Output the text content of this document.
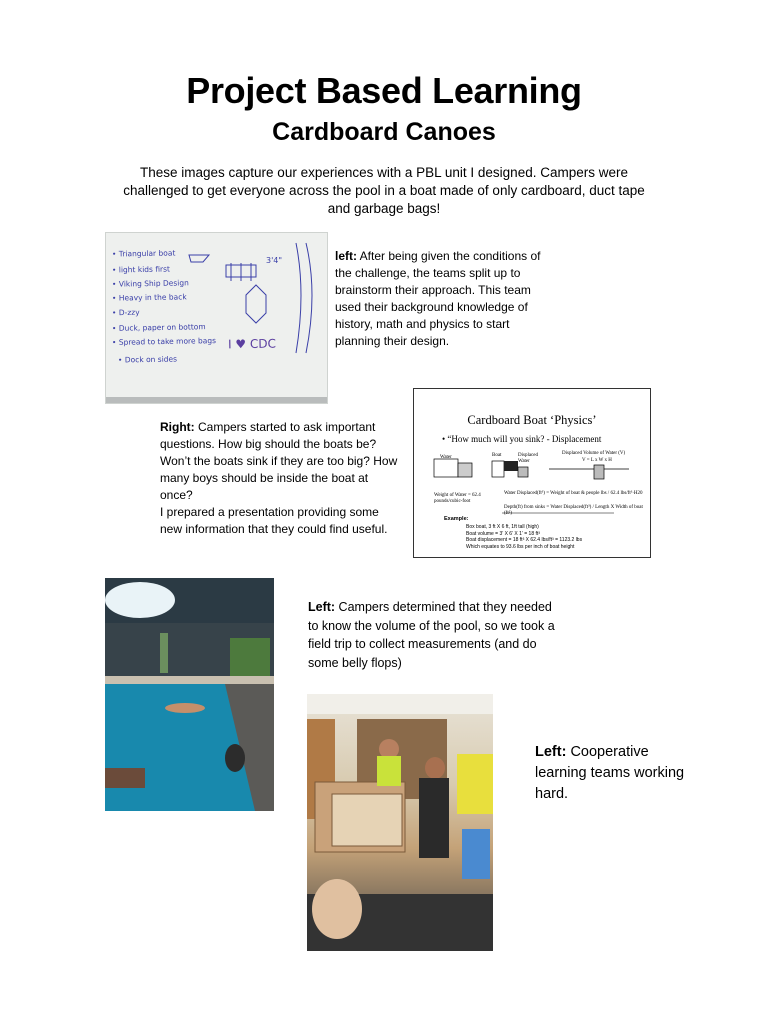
Project Based Learning
Cardboard Canoes
These images capture our experiences with a PBL unit I designed. Campers were challenged to get everyone across the pool in a boat made of only cardboard, duct tape and garbage bags!
• Triangular boat
• light kids first
• Viking Ship Design
• Heavy in the back
• D-zzy
• Duck, paper on bottom
• Spread to take more bags
• Dock on sides
I ♥ CDC
3'4"	left: After being given the conditions of the challenge, the teams split up to brainstorm their approach. This team used their background knowledge of history, math and physics to start planning their design.
Right: Campers started to ask important questions. How big should the boats be? Won’t the boats sink if they are too big? How many boys should be inside the boat at once?
I prepared a presentation providing some new information that they could find useful.
Cardboard Boat ‘Physics’
• “How much will you sink? - Displacement
Water	Boat	Displaced Water
Displaced Volume of Water (V)
V = L x W x H
Weight of Water = 62.4 pounds/cubic-foot
Water Displaced(ft³) = Weight of boat & people lbs / 62.4 lbs/ft³·H20
Depth(ft) from sinks = Water Displaced(ft³) / Length X Width of boat (ft²)
Example:
Box boat, 3 ft X 6 ft, 1ft tall (high)
Boat volume = 3’ X 6’ X 1’ = 18 ft³
Boat displacement = 18 ft³ X 62.4 lbs/ft³ = 1123.2 lbs
Which equates to 93.6 lbs per inch of boat height
Left: Campers determined that they needed to know the volume of the pool, so we took a field trip to collect measurements (and do some belly flops)
Left: Cooperative learning teams working hard.
